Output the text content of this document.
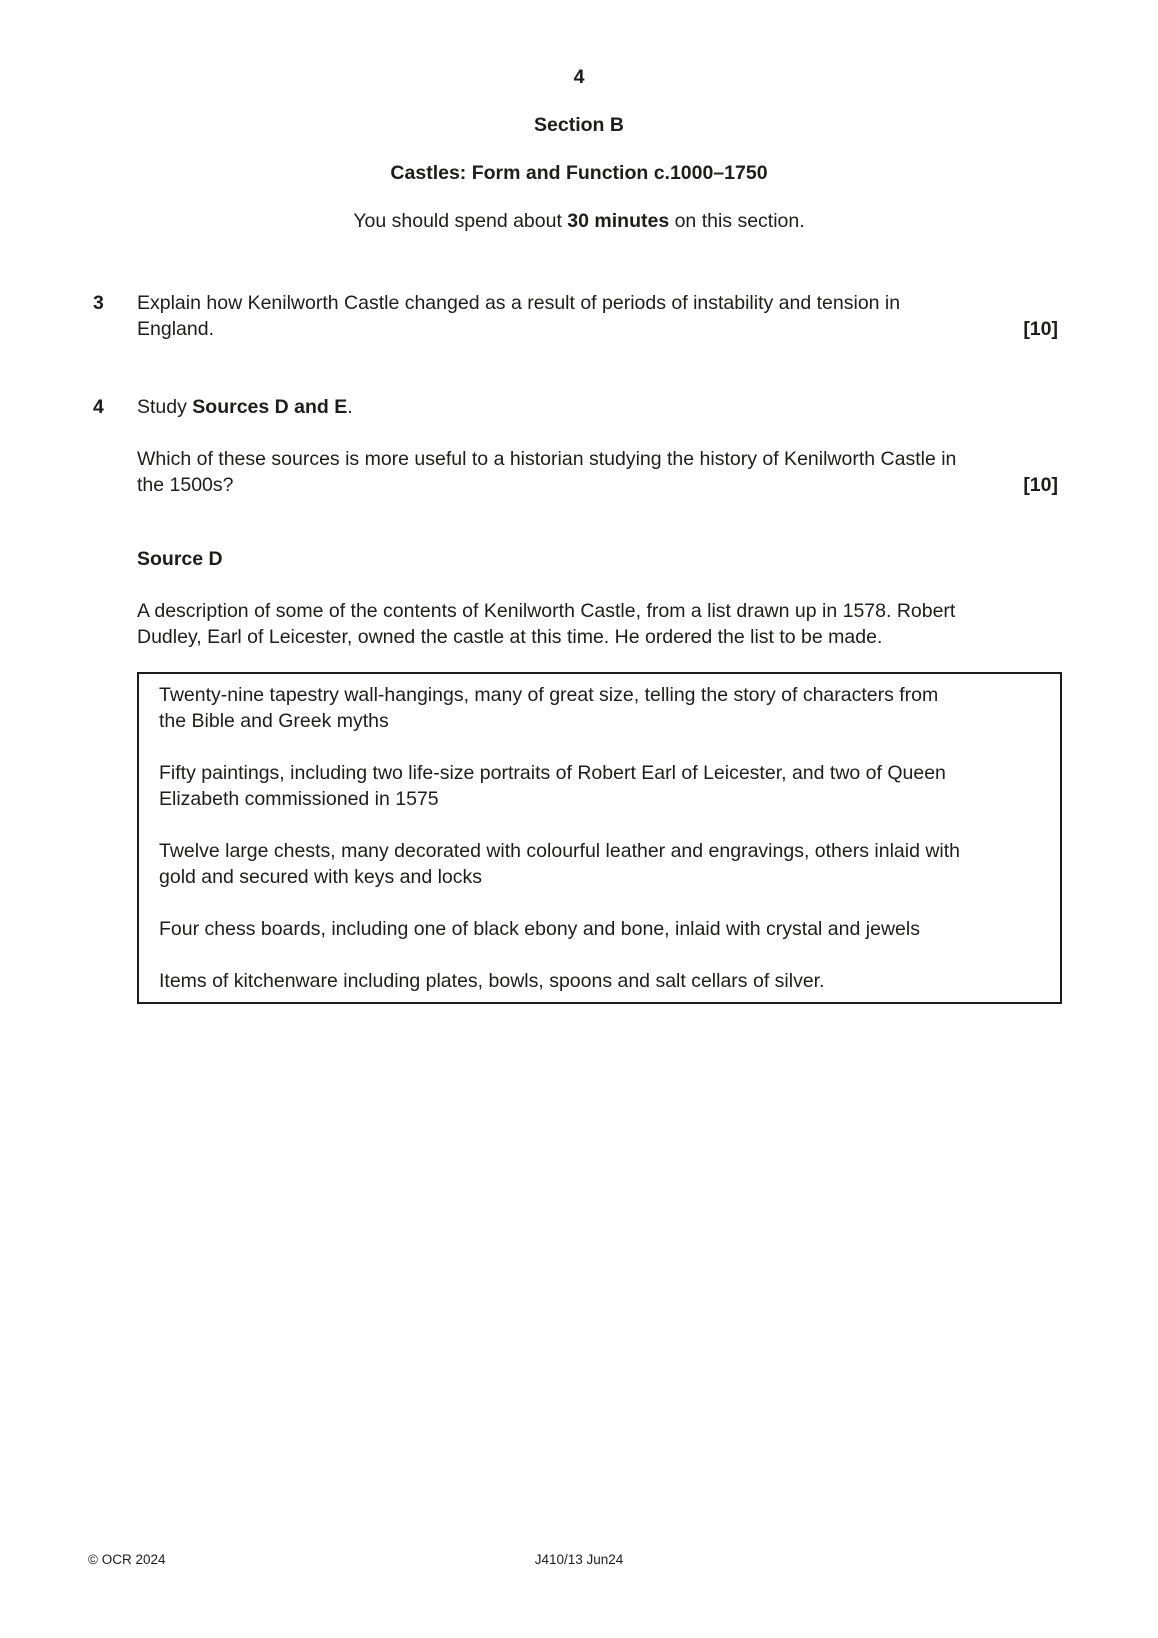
4
Section B
Castles: Form and Function c.1000–1750
You should spend about 30 minutes on this section.
3	Explain how Kenilworth Castle changed as a result of periods of instability and tension in
England.	[10]
4	Study Sources D and E.
Which of these sources is more useful to a historian studying the history of Kenilworth Castle in
the 1500s?	[10]
Source D
A description of some of the contents of Kenilworth Castle, from a list drawn up in 1578. Robert
Dudley, Earl of Leicester, owned the castle at this time. He ordered the list to be made.
Twenty-nine tapestry wall-hangings, many of great size, telling the story of characters from
the Bible and Greek myths
Fifty paintings, including two life-size portraits of Robert Earl of Leicester, and two of Queen
Elizabeth commissioned in 1575
Twelve large chests, many decorated with colourful leather and engravings, others inlaid with
gold and secured with keys and locks
Four chess boards, including one of black ebony and bone, inlaid with crystal and jewels
Items of kitchenware including plates, bowls, spoons and salt cellars of silver.
© OCR 2024	J410/13 Jun24
